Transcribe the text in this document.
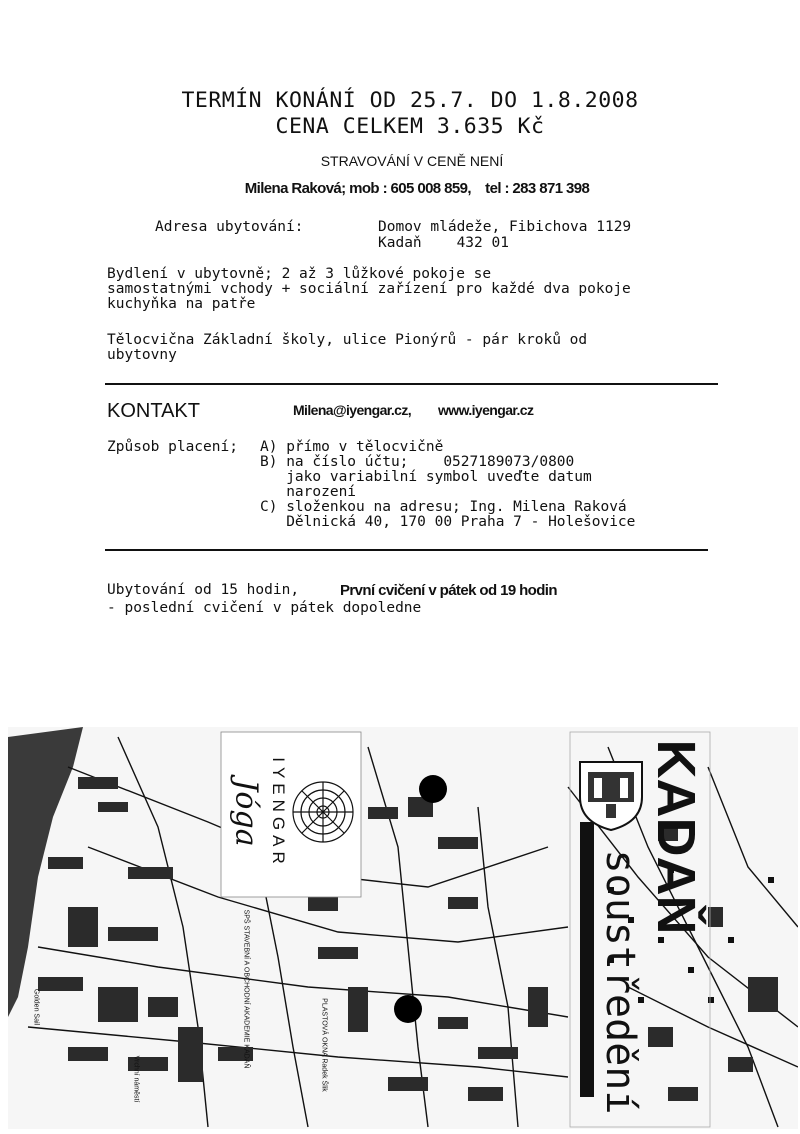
TERMÍN KONÁNÍ OD 25.7. DO 1.8.2008
CENA CELKEM 3.635 Kč
STRAVOVÁNÍ V CENĚ NENÍ
Milena Raková; mob : 605 008 859,    tel : 283 871 398
Adresa ubytování:	Domov mládeže, Fibichova 1129
Kadaň    432 01
Bydlení v ubytovně; 2 až 3 lůžkové pokoje se
samostatnými vchody + sociální zařízení pro každé dva pokoje
kuchyňka na patře
Tělocvična Základní školy, ulice Pionýrů - pár kroků od
ubytovny
KONTAKT	Milena@iyengar.cz, www.iyengar.cz
Způsob placení; A) přímo v tělocvičně
B) na číslo účtu;    0527189073/0800
jako variabilní symbol uveďte datum
narození
C) složenkou na adresu; Ing. Milena Raková
Dělnická 40, 170 00 Praha 7 - Holešovice
Ubytování od 15 hodin,	První cvičení v pátek od 19 hodin
- poslední cvičení v pátek dopoledne
IYENGAR
Jóga	KADAŇ
soustředění
SPŠ STAVEBNÍ A OBCHODNÍ AKADEMIE KADAŇ	PLASTOVÁ OKNA Radek Šlik
Vrchní náměstí
Golden Sail
